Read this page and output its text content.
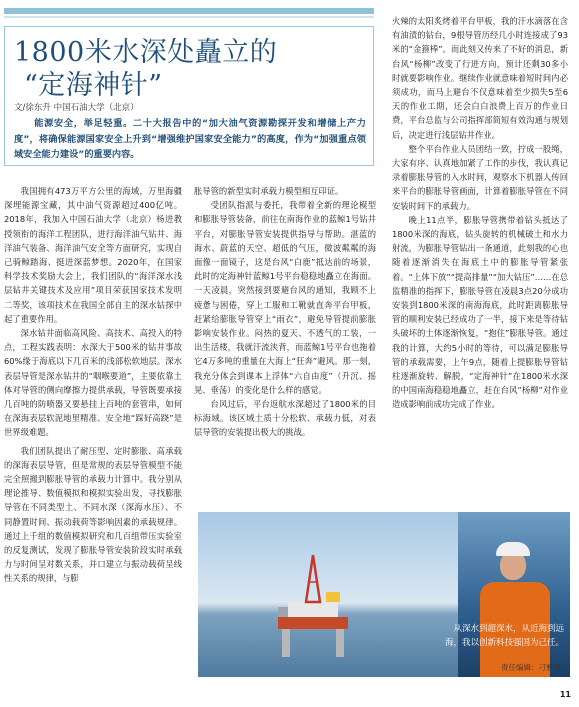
1800米水深处矗立的
“定海神针”
文/徐东升 中国石油大学（北京）
能源安全，举足轻重。二十大报告中的“加大油气资源勘探开发和增储上产力度”，将确保能源国家安全上升到“增强维护国家安全能力”的高度，作为“加强重点领域安全能力建设”的重要内容。

我国拥有473万平方公里的海域，万里海疆深埋能源宝藏，其中油气资源超过400亿吨。2018年，我加入中国石油大学（北京）杨进教授领衔的海洋工程团队，进行海洋油气钻井、海洋油气装备、海洋油气安全等方面研究，实现自己骑鲸踏海、挺进深蓝梦想。2020年，在国家科学技术奖励大会上，我们团队的“海洋深水浅层钻井关键技术及应用”项目荣获国家技术发明二等奖，该项技术在我国全部自主的深水钻探中起了重要作用。

深水钻井面临高风险、高技术、高投入的特点，工程实践表明：水深大于500米的钻井事故60%缘于海底以下几百米的浅部松软地层。深水表层导管是深水钻井的“咽喉要道”，主要依靠土体对导管的侧向摩擦力提供承载，导管既要承接几百吨的防喷器又要悬挂上百吨的套管串，如何在深海表层软泥地里精准、安全地“踩好高跷”是世界级难题。

我们团队提出了耐压型、定时膨胀、高承载的深海表层导管，但是常规的表层导管模型不能完全照搬到膨胀导管的承载力计算中。我分别从理论推导、数值模拟和模拟实验出发，寻找膨胀导管在不同类型土、不同水深（深海水压）、不同静置时间、振动载荷等影响因素的承载规律。通过上千组的数值模拟研究和几百组带压实验室的反复测试，发现了膨胀导管安装阶段实时承载力与时间呈对数关系，并口建立与振动载荷呈线性关系的规律，与膨

胀导管的新型实时承载力模型相互印证。

受团队指派与委托，我带着全新的理论模型和膨胀导管装备，前往在南海作业的蓝鲸1号钻井平台，对膨胀导管安装提供指导与帮助。湛蓝的海水、蔚蓝的天空、超低的气压，微波粼粼的海面像一面镜子，这是台风“白鹿”抵达前的场景，此时的定海神针蓝鲸1号平台稳稳地矗立在海面。一天凌晨，突然接到要避台风的通知，我顾不上疲惫与困倦，穿上工服和工靴就直奔平台甲板，赶紧给膨胀导管穿上“雨衣”，避免导管提前膨胀影响安装作业。闷热的夏天、不透气的工装，一出生活楼，我就汗流浃背，而蓝鲸1号平台也拖着它4万多吨的重量在大海上“狂奔”避风。那一刻，我充分体会到课本上浮体“六自由度”（升沉、摇晃、垂荡）的变化是什么样的感觉。

台风过后，平台返航水深超过了1800米的目标海域。该区域土质十分松软、承载力低，对表层导管的安装提出极大的挑战。

火辣的太阳炙烤着平台甲板，我的汗水滴落在含有油渍的钻台，9根导管历经几小时连接成了93米的“金箍棒”。而此刻又传来了不好的消息，新台风“杨柳”改变了行进方向，预计还剩30多小时就要影响作业。继续作业就意味着短时间内必须成功，而马上避台不仅意味着至少损失5至6天的作业工期，还会白白浪费上百万的作业日费，平台总监与公司指挥部简短有效沟通与规划后，决定进行浅层钻井作业。

整个平台作业人员团结一致，拧成一股绳，大家有序、认真地加紧了工作的步伐，我认真记录着膨胀导管的入水时间，观察水下机器人传回来平台的膨胀导管画面，计算着膨胀导管在不同安装时间下的承载力。

晚上11点半，膨胀导管携带着钻头抵达了1800米深的海底，钻头旋转的机械破土和水力射流，为膨胀导管钻出一条通道，此刻我的心也随着逐渐消失在海底土中的膨胀导管紧张着。“上体下放”“提高排量”“加大钻压”……在总监精准的指挥下，膨胀导管在凌晨3点20分成功安装到1800米深的南海海底，此时距离膨胀导管的顺利安装已经成功了一半，接下来是等待钻头破坏的土体逐渐恢复，“抱住”膨胀导管。通过我的计算，大约5小时的等待，可以满足膨胀导管的承载需要，上午9点，随着上提膨胀导管钻柱逐渐旋转、解脱，“定海神针”在1800米水深的中国南海稳稳地矗立，赶在台风“杨柳”对作业造成影响前成功完成了作业。

从深水到超深水，从近海到远
海，我以创新科技强国为己任。
责任编辑：刁雅琴
11
